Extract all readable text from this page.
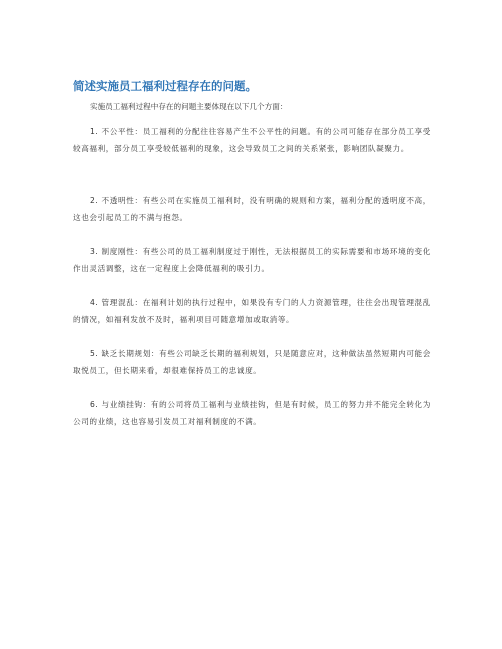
简述实施员工福利过程存在的问题。
实施员工福利过程中存在的问题主要体现在以下几个方面：

1. 不公平性：员工福利的分配往往容易产生不公平性的问题。有的公司可能存在部分员工享受较高福利，部分员工享受较低福利的现象，这会导致员工之间的关系紧张，影响团队凝聚力。

2. 不透明性：有些公司在实施员工福利时，没有明确的规则和方案，福利分配的透明度不高，这也会引起员工的不满与抱怨。

3. 制度刚性：有些公司的员工福利制度过于刚性，无法根据员工的实际需要和市场环境的变化作出灵活调整，这在一定程度上会降低福利的吸引力。

4. 管理混乱：在福利计划的执行过程中，如果没有专门的人力资源管理，往往会出现管理混乱的情况，如福利发放不及时，福利项目可随意增加或取消等。

5. 缺乏长期规划：有些公司缺乏长期的福利规划，只是随意应对，这种做法虽然短期内可能会取悦员工，但长期来看，却很难保持员工的忠诚度。

6. 与业绩挂钩：有的公司将员工福利与业绩挂钩，但是有时候，员工的努力并不能完全转化为公司的业绩，这也容易引发员工对福利制度的不满。
